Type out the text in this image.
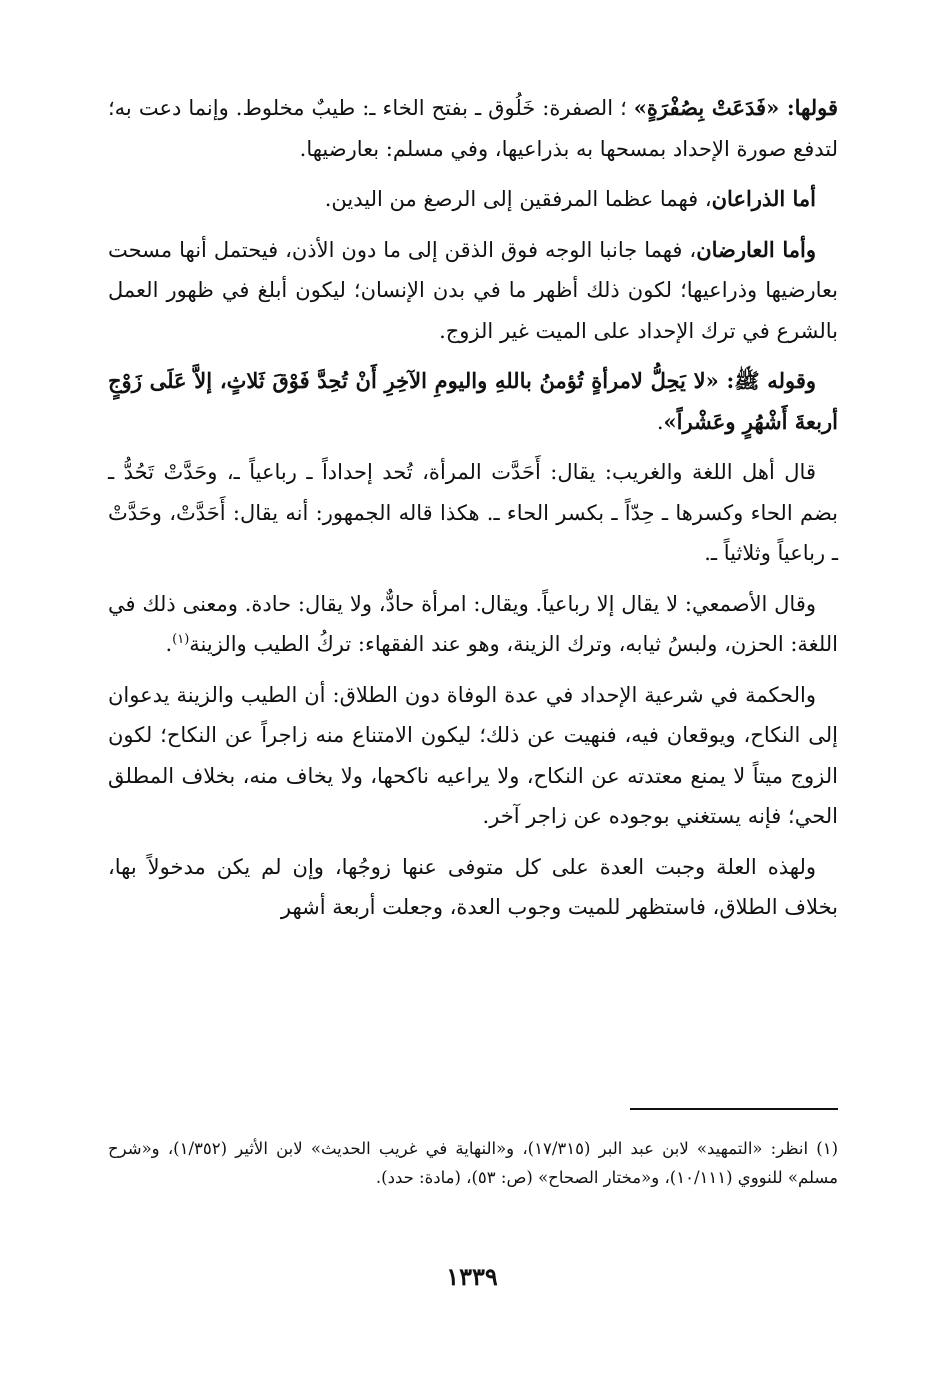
قولها: «فَدَعَتْ بِصُفْرَةٍ» ؛ الصفرة: خَلُوق ـ بفتح الخاء ـ: طيبٌ مخلوط. وإنما دعت به؛ لتدفع صورة الإحداد بمسحها به بذراعيها، وفي مسلم: بعارضيها.

أما الذراعان، فهما عظما المرفقين إلى الرصغ من اليدين.

وأما العارضان، فهما جانبا الوجه فوق الذقن إلى ما دون الأذن، فيحتمل أنها مسحت بعارضيها وذراعيها؛ لكون ذلك أظهر ما في بدن الإنسان؛ ليكون أبلغ في ظهور العمل بالشرع في ترك الإحداد على الميت غير الزوج.

وقوله ﷺ: «لا يَحِلُّ لامرأةٍ تُؤمنُ باللهِ واليومِ الآخِرِ أَنْ تُحِدَّ فَوْقَ ثَلاثٍ، إلاَّ عَلَى زَوْجٍ أربعةَ أَشْهُرٍ وعَشْراً».

قال أهل اللغة والغريب: يقال: أَحَدَّت المرأة، تُحد إحداداً ـ رباعياً ـ، وحَدَّتْ تَحُدُّ ـ بضم الحاء وكسرها ـ حِدّاً ـ بكسر الحاء ـ. هكذا قاله الجمهور: أنه يقال: أَحَدَّتْ، وحَدَّتْ ـ رباعياً وثلاثياً ـ.

وقال الأصمعي: لا يقال إلا رباعياً. ويقال: امرأة حادٌّ، ولا يقال: حادة. ومعنى ذلك في اللغة: الحزن، ولبسُ ثيابه، وترك الزينة، وهو عند الفقهاء: تركُ الطيب والزينة$^{(١)}$.

والحكمة في شرعية الإحداد في عدة الوفاة دون الطلاق: أن الطيب والزينة يدعوان إلى النكاح، ويوقعان فيه، فنهيت عن ذلك؛ ليكون الامتناع منه زاجراً عن النكاح؛ لكون الزوج ميتاً لا يمنع معتدته عن النكاح، ولا يراعيه ناكحها، ولا يخاف منه، بخلاف المطلق الحي؛ فإنه يستغني بوجوده عن زاجر آخر.

ولهذه العلة وجبت العدة على كل متوفى عنها زوجُها، وإن لم يكن مدخولاً بها، بخلاف الطلاق، فاستظهر للميت وجوب العدة، وجعلت أربعة أشهر

(١) انظر: «التمهيد» لابن عبد البر (١٧/٣١٥)، و«النهاية في غريب الحديث» لابن الأثير (١/٣٥٢)، و«شرح مسلم» للنووي (١٠/١١١)، و«مختار الصحاح» (ص: ٥٣)، (مادة: حدد).
١٣٣٩
